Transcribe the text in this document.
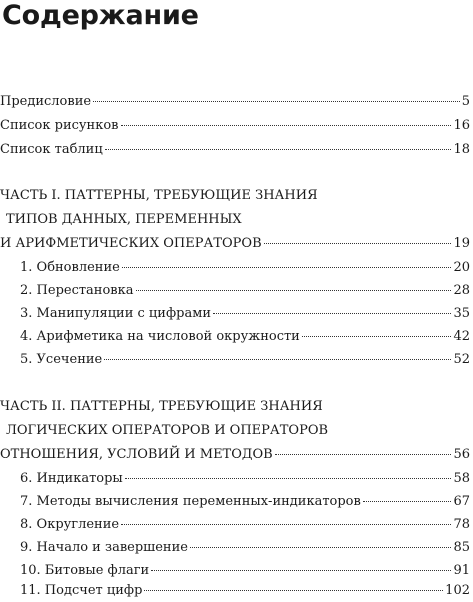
Содержание
Предисловие	5
Список рисунков	16
Список таблиц	18
ЧАСТЬ I. ПАТТЕРНЫ, ТРЕБУЮЩИЕ ЗНАНИЯ
ТИПОВ ДАННЫХ, ПЕРЕМЕННЫХ
И АРИФМЕТИЧЕСКИХ ОПЕРАТОРОВ	19
1. Обновление	20
2. Перестановка	28
3. Манипуляции с цифрами	35
4. Арифметика на числовой окружности	42
5. Усечение	52
ЧАСТЬ II. ПАТТЕРНЫ, ТРЕБУЮЩИЕ ЗНАНИЯ
ЛОГИЧЕСКИХ ОПЕРАТОРОВ И ОПЕРАТОРОВ
ОТНОШЕНИЯ, УСЛОВИЙ И МЕТОДОВ	56
6. Индикаторы	58
7. Методы вычисления переменных-индикаторов	67
8. Округление	78
9. Начало и завершение	85
10. Битовые флаги	91
11. Подсчет цифр	102
